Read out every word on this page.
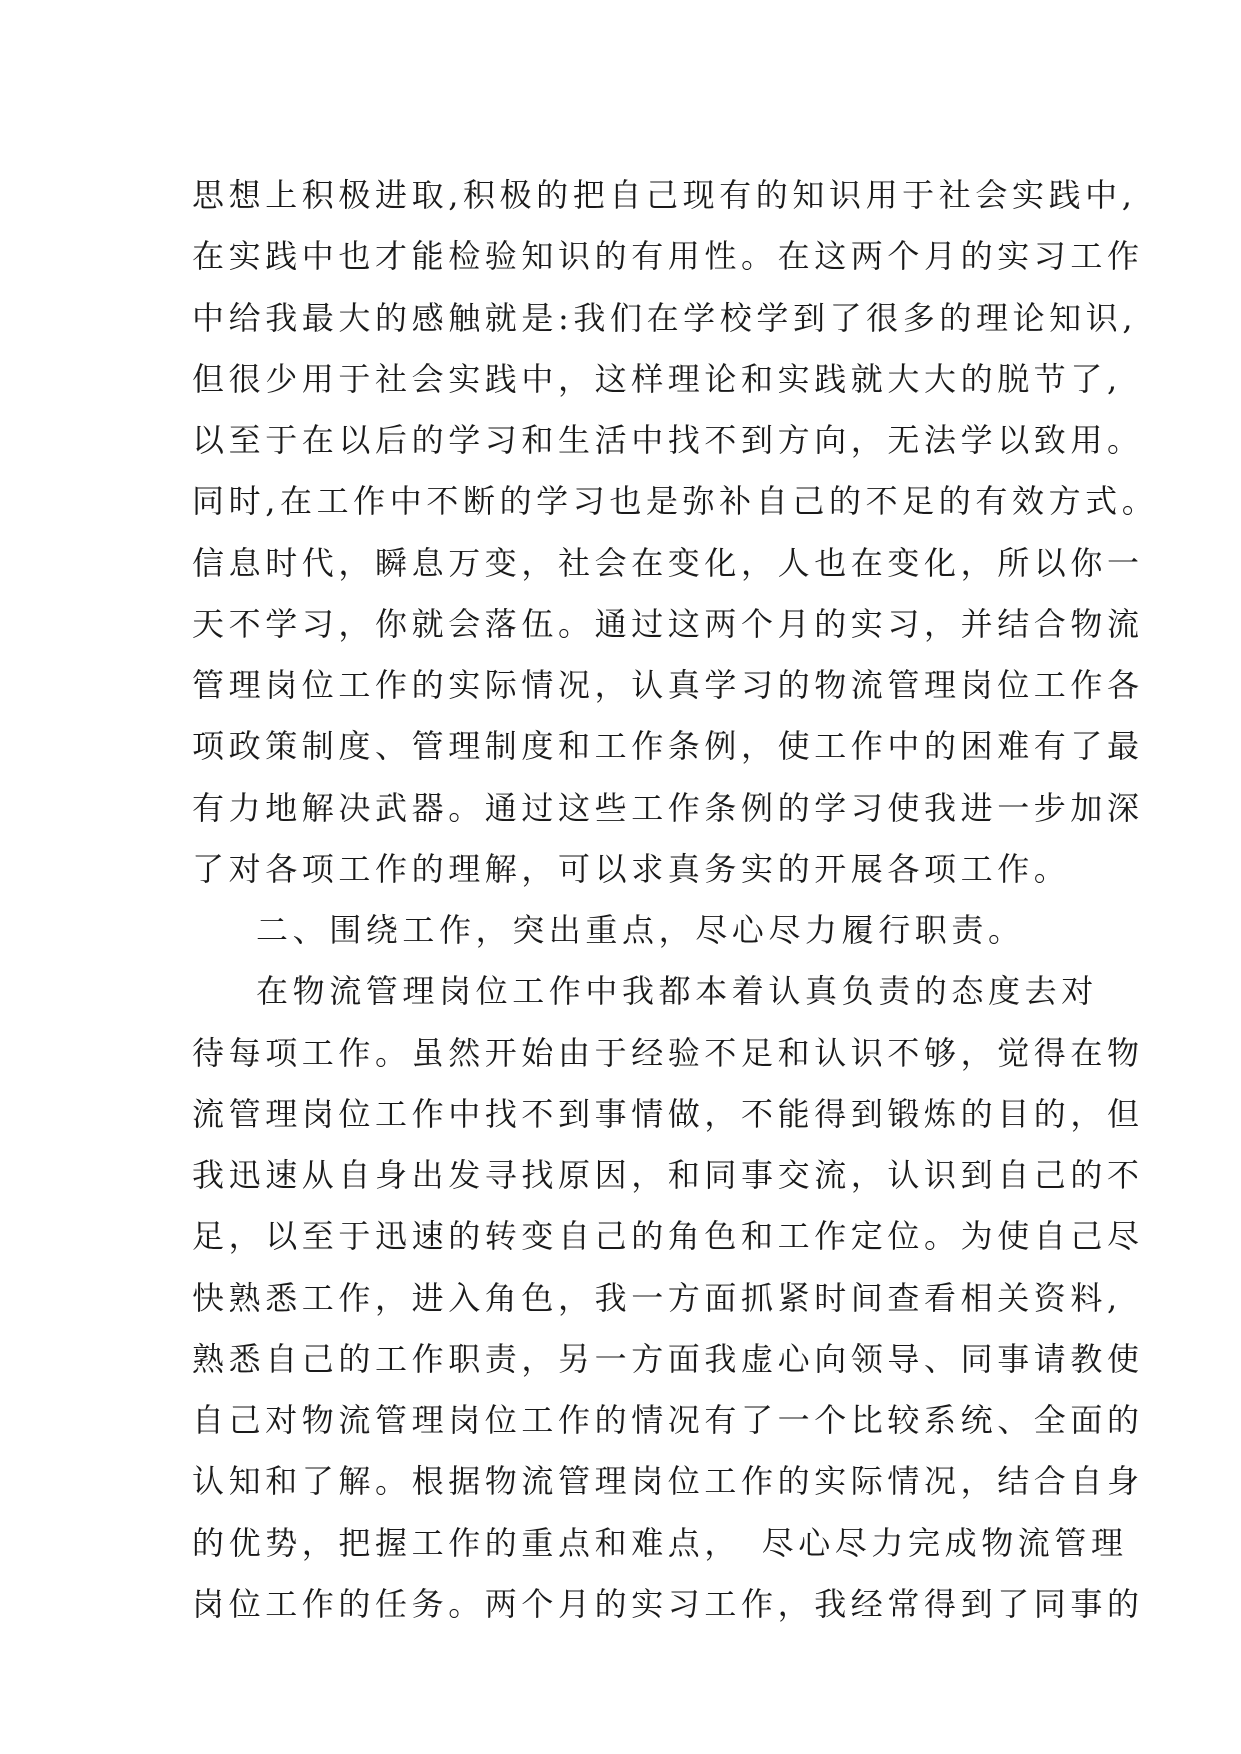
思想上积极进取,积极的把自己现有的知识用于社会实践中,
在实践中也才能检验知识的有用性。在这两个月的实习工作
中给我最大的感触就是:我们在学校学到了很多的理论知识,
但很少用于社会实践中，这样理论和实践就大大的脱节了,
以至于在以后的学习和生活中找不到方向，无法学以致用。
同时,在工作中不断的学习也是弥补自己的不足的有效方式。
信息时代，瞬息万变，社会在变化，人也在变化，所以你一
天不学习，你就会落伍。通过这两个月的实习，并结合物流
管理岗位工作的实际情况，认真学习的物流管理岗位工作各
项政策制度、管理制度和工作条例，使工作中的困难有了最
有力地解决武器。通过这些工作条例的学习使我进一步加深
了对各项工作的理解，可以求真务实的开展各项工作。
二、围绕工作，突出重点，尽心尽力履行职责。
在物流管理岗位工作中我都本着认真负责的态度去对
待每项工作。虽然开始由于经验不足和认识不够，觉得在物
流管理岗位工作中找不到事情做，不能得到锻炼的目的，但
我迅速从自身出发寻找原因，和同事交流，认识到自己的不
足，以至于迅速的转变自己的角色和工作定位。为使自己尽
快熟悉工作，进入角色，我一方面抓紧时间查看相关资料,
熟悉自己的工作职责，另一方面我虚心向领导、同事请教使
自己对物流管理岗位工作的情况有了一个比较系统、全面的
认知和了解。根据物流管理岗位工作的实际情况，结合自身
的优势，把握工作的重点和难点，　尽心尽力完成物流管理
岗位工作的任务。两个月的实习工作，我经常得到了同事的
